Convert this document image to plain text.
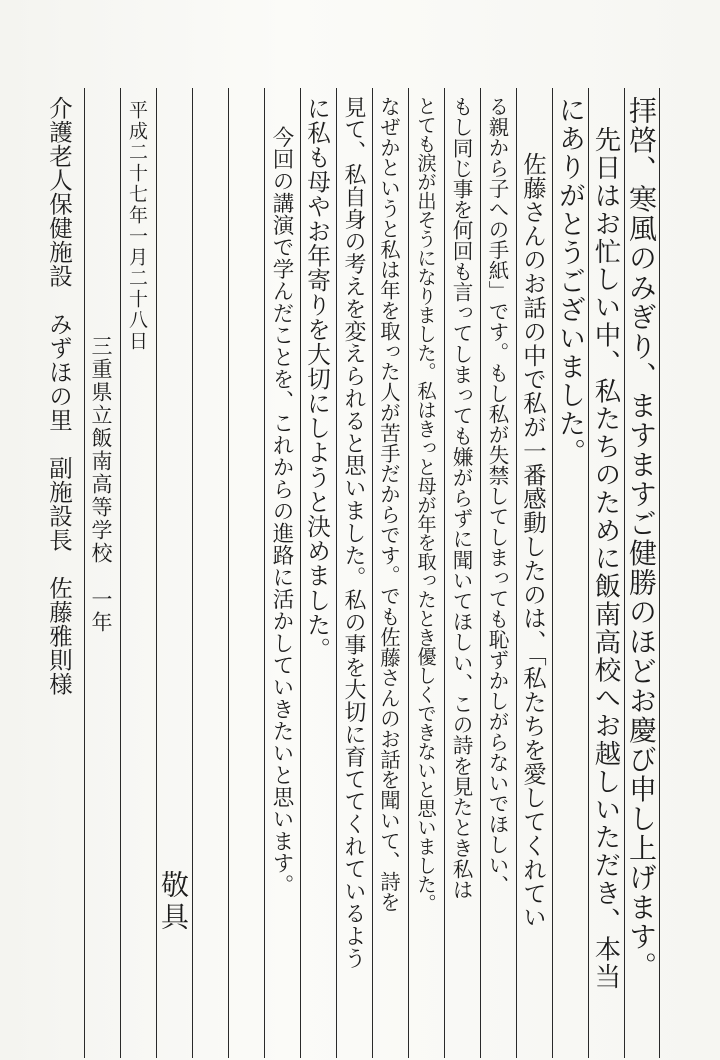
拝啓、寒風のみぎり、ますますご健勝のほどお慶び申し上げます。
先日はお忙しい中、私たちのために飯南高校へお越しいただき、本当
にありがとうございました。
佐藤さんのお話の中で私が一番感動したのは、「私たちを愛してくれてい
る親から子への手紙」です。もし私が失禁してしまっても恥ずかしがらないでほしい、
もし同じ事を何回も言ってしまっても嫌がらずに聞いてほしい、この詩を見たとき私は
とても涙が出そうになりました。私はきっと母が年を取ったとき優しくできないと思いました。
なぜかというと私は年を取った人が苦手だからです。でも佐藤さんのお話を聞いて、詩を
見て、私自身の考えを変えられると思いました。私の事を大切に育ててくれているよう
に私も母やお年寄りを大切にしようと決めました。
今回の講演で学んだことを、これからの進路に活かしていきたいと思います。
敬具
平成二十七年一月二十八日
三重県立飯南高等学校　一年
介護老人保健施設　みずほの里　副施設長　佐藤雅則様
